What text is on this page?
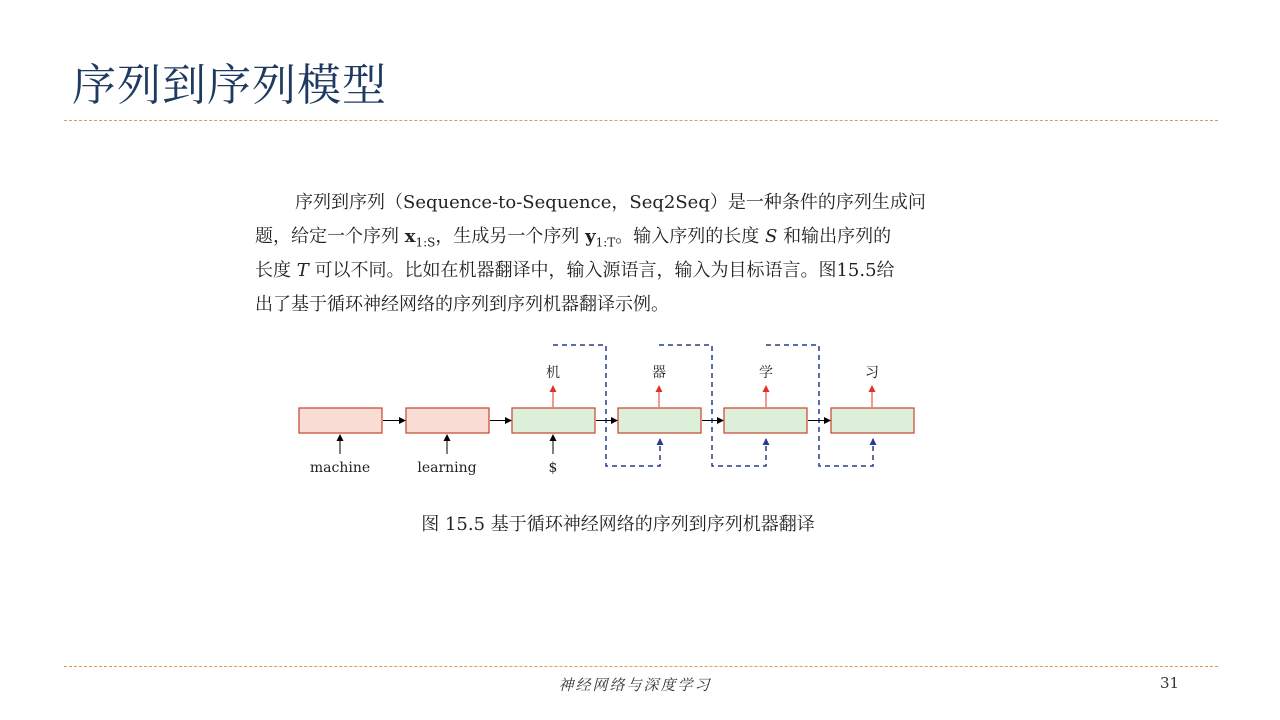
序列到序列模型
序列到序列（Sequence-to-Sequence，Seq2Seq）是一种条件的序列生成问
题，给定一个序列 $x_{1:S}$，生成另一个序列 $y_{1:T}$。输入序列的长度 S 和输出序列的
长度 T 可以不同。比如在机器翻译中，输入源语言，输入为目标语言。图15.5给
出了基于循环神经网络的序列到序列机器翻译示例。
machine	learning	$
机	器	学	习
图 15.5 基于循环神经网络的序列到序列机器翻译
神经网络与深度学习	31
